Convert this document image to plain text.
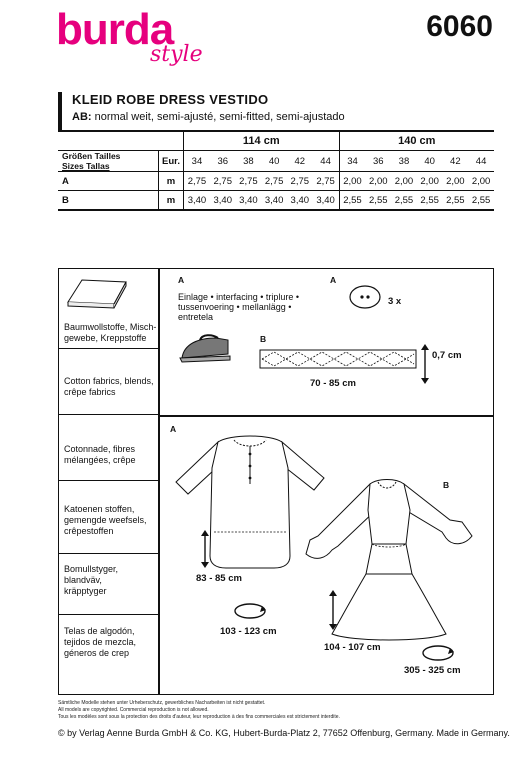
burda
style
6060
KLEID ROBE DRESS VESTIDO
AB: normal weit, semi-ajusté, semi-fitted, semi-ajustado
		114 cm						140 cm					

Größen Tailles
Sizes Tallas	Eur.	34	36	38	40	42	44	34	36	38	40	42	44
A	m	2,75	2,75	2,75	2,75	2,75	2,75	2,00	2,00	2,00	2,00	2,00	2,00
B	m	3,40	3,40	3,40	3,40	3,40	3,40	2,55	2,55	2,55	2,55	2,55	2,55
Baumwollstoffe, Misch-
gewebe, Kreppstoffe
Cotton fabrics, blends,
crêpe fabrics
Cotonnade, fibres
mélangées, crêpe
Katoenen stoffen,
gemengde weefsels,
crêpestoffen
Bomullstyger, blandväv,
kräpptyger
Telas de algodón,
tejidos de mezcla,
géneros de crep
A
Einlage • interfacing • triplure •
tussenvoering • mellanlägg •
entretela
A
3 x
B
0,7 cm
70 - 85 cm
A
B
83 - 85 cm
103 - 123 cm
104 - 107 cm
305 - 325 cm
Sämtliche Modelle stehen unter Urheberschutz, gewerbliches Nacharbeiten ist nicht gestattet.
All models are copyrighted. Commercial reproduction is not allowed.
Tous les modèles sont sous la protection des droits d'auteur, leur reproduction à des fins commerciales est strictement interdite.
© by Verlag Aenne Burda GmbH & Co. KG, Hubert-Burda-Platz 2, 77652 Offenburg, Germany. Made in Germany.
